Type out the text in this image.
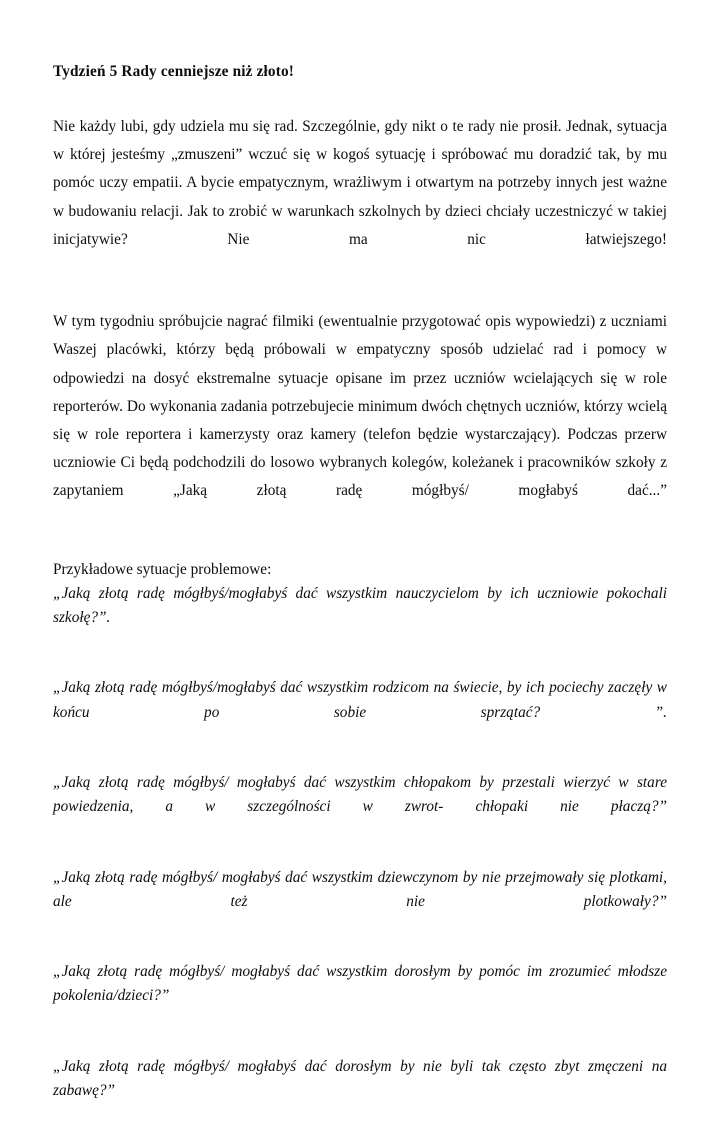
Tydzień 5 Rady cenniejsze niż złoto!

Nie każdy lubi, gdy udziela mu się rad. Szczególnie, gdy nikt o te rady nie prosił. Jednak, sytuacja w której jesteśmy „zmuszeni” wczuć się w kogoś sytuację i spróbować mu doradzić tak, by mu pomóc uczy empatii. A bycie empatycznym, wrażliwym i otwartym na potrzeby innych jest ważne w budowaniu relacji. Jak to zrobić w warunkach szkolnych by dzieci chciały uczestniczyć w takiej inicjatywie? Nie ma nic łatwiejszego!

W tym tygodniu spróbujcie nagrać filmiki (ewentualnie przygotować opis wypowiedzi) z uczniami Waszej placówki, którzy będą próbowali w empatyczny sposób udzielać rad i pomocy w odpowiedzi na dosyć ekstremalne sytuacje opisane im przez uczniów wcielających się w role reporterów. Do wykonania zadania potrzebujecie minimum dwóch chętnych uczniów, którzy wcielą się w role reportera i kamerzysty oraz kamery (telefon będzie wystarczający). Podczas przerw uczniowie Ci będą podchodzili do losowo wybranych kolegów, koleżanek i pracowników szkoły z zapytaniem „Jaką złotą radę mógłbyś/ mogłabyś dać...”

Przykładowe sytuacje problemowe:

„Jaką złotą radę mógłbyś/mogłabyś dać wszystkim nauczycielom by ich uczniowie pokochali szkołę?”.

„Jaką złotą radę mógłbyś/mogłabyś dać wszystkim rodzicom na świecie, by ich pociechy zaczęły w końcu po sobie sprzątać? ”.

„Jaką złotą radę mógłbyś/ mogłabyś dać wszystkim chłopakom by przestali wierzyć w stare powiedzenia, a w szczególności w zwrot- chłopaki nie płaczą?”

„Jaką złotą radę mógłbyś/ mogłabyś dać wszystkim dziewczynom by nie przejmowały się plotkami, ale też nie plotkowały?”

„Jaką złotą radę mógłbyś/ mogłabyś dać wszystkim dorosłym by pomóc im zrozumieć młodsze pokolenia/dzieci?”

„Jaką złotą radę mógłbyś/ mogłabyś dać dorosłym by nie byli tak często zbyt zmęczeni na zabawę?”
